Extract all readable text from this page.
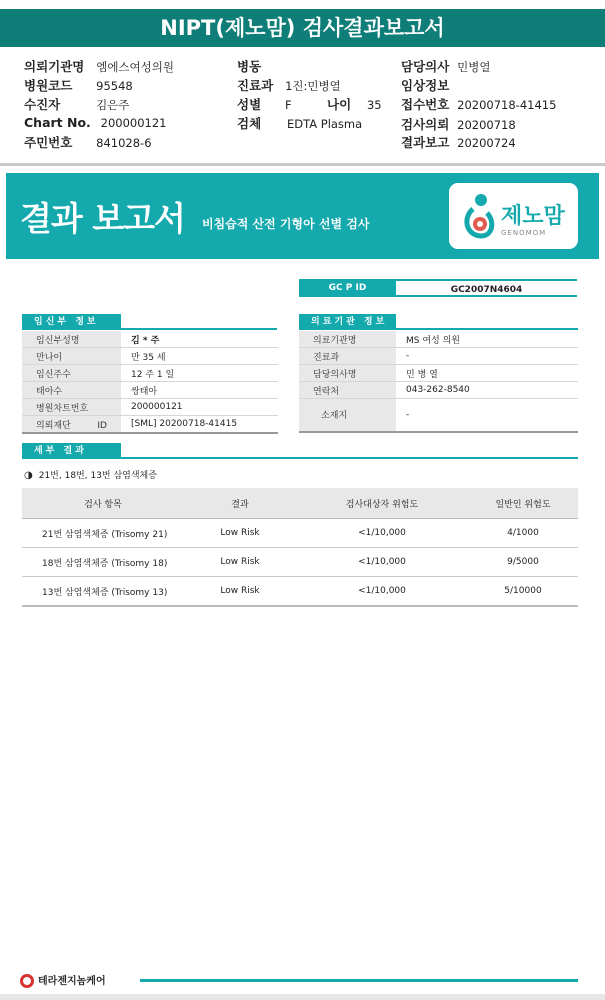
NIPT(제노맘) 검사결과보고서
의뢰기관명 엠에스여성의원
병원코드 95548
수진자	김은주
Chart No. 200000121
주민번호 841028-6
병동
진료과 1진:민병열
성별 F	나이 35
검체 EDTA Plasma
담당의사 민병열
임상정보
접수번호 20200718-41415
검사의뢰 20200718
결과보고 20200724
결과 보고서 비침습적 산전 기형아 선별 검사	제노맘
GENOMOM
GC P ID	GC2007N4604
임신부 정보
임신부성명	김 * 주
만나이	만 35 세
임신주수	12 주 1 일
태아수	쌍태아
병원차트번호	200000121
의뢰재단 ID	[SML] 20200718-41415
의료기관 정보
의료기관명	MS 여성 의원
진료과	-
담당의사명	민 병 열
연락처	043-262-8540
소재지	-
세부 결과
◑ 21번, 18번, 13번 삼염색체증
검사 항목	결과	검사대상자 위험도	일반인 위험도
21번 삼염색체증 (Trisomy 21)	Low Risk	<1/10,000	4/1000
18번 삼염색체증 (Trisomy 18)	Low Risk	<1/10,000	9/5000
13번 삼염색체증 (Trisomy 13)	Low Risk	<1/10,000	5/10000
테라젠지놈케어
